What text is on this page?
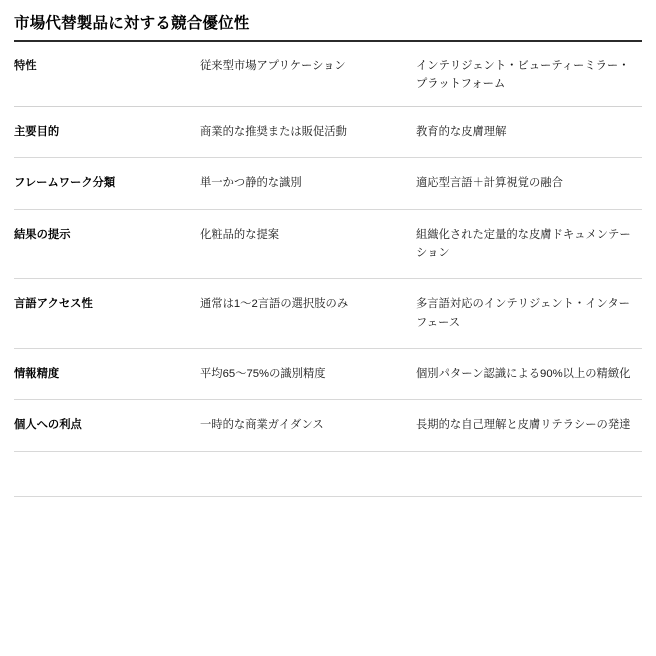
市場代替製品に対する競合優位性
特性	従来型市場アプリケーション	インテリジェント・ビューティーミラー・プラットフォーム
主要目的	商業的な推奨または販促活動	教育的な皮膚理解
フレームワーク分類	単一かつ静的な識別	適応型言語＋計算視覚の融合
結果の提示	化粧品的な提案	組織化された定量的な皮膚ドキュメンテーション
言語アクセス性	通常は1〜2言語の選択肢のみ	多言語対応のインテリジェント・インターフェース
情報精度	平均65〜75%の識別精度	個別パターン認識による90%以上の精緻化
個人への利点	一時的な商業ガイダンス	長期的な自己理解と皮膚リテラシーの発達
